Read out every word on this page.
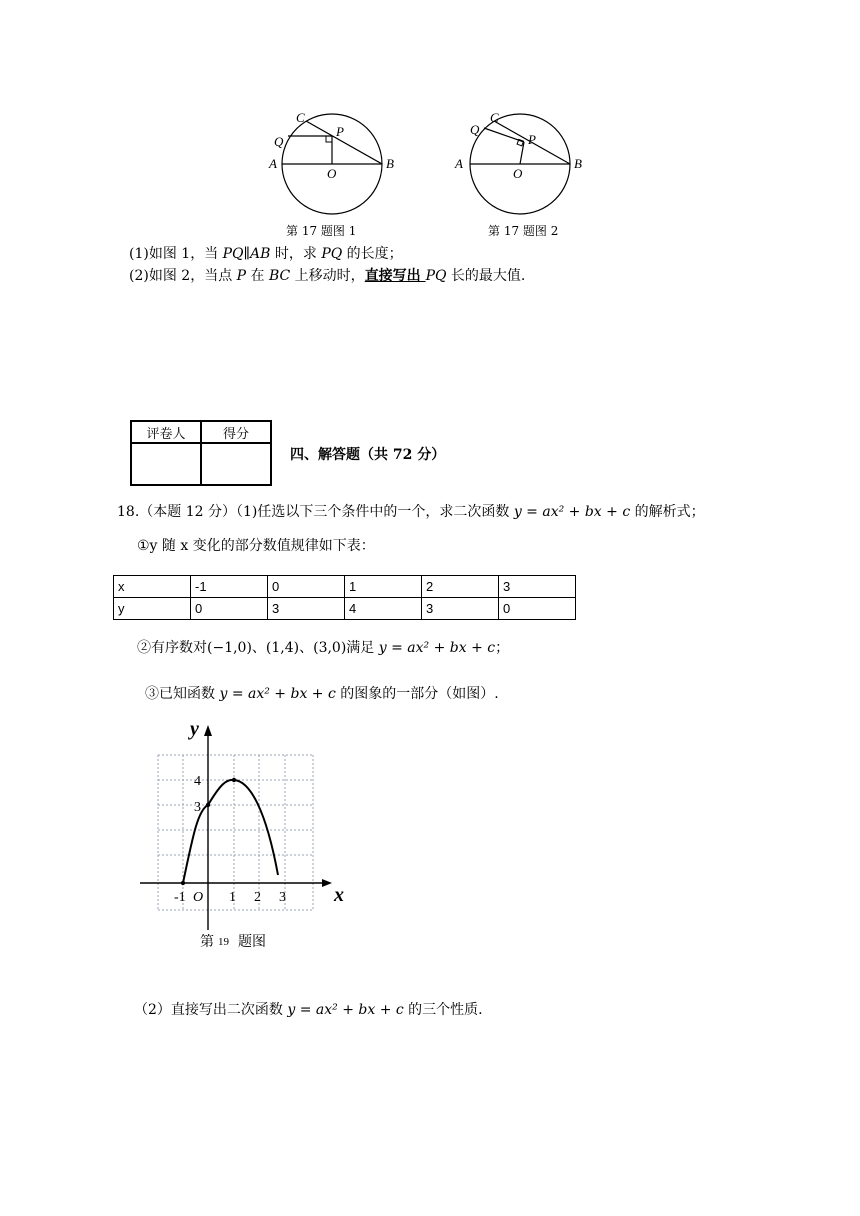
C
Q
P
A
O
B
第 17 题图 1
C
Q
P
A
O
B
第 17 题图 2
(1)如图 1，当 PQ∥AB 时，求 PQ 的长度；
(2)如图 2，当点 P 在 BC 上移动时，直接写出 PQ 长的最大值.
评卷人	得分

四、解答题（共 72 分）
18.（本题 12 分）（1)任选以下三个条件中的一个，求二次函数 y = ax² + bx + c 的解析式；
①y 随 x 变化的部分数值规律如下表：
x	-1	0	1	2	3
y	0	3	4	3	0
②有序数对(−1,0)、(1,4)、(3,0)满足 y = ax² + bx + c；
③已知函数 y = ax² + bx + c 的图象的一部分（如图）.
y
x
4
3
-1 O 1 2 3
第 19 题图
（2）直接写出二次函数 y = ax² + bx + c 的三个性质.
